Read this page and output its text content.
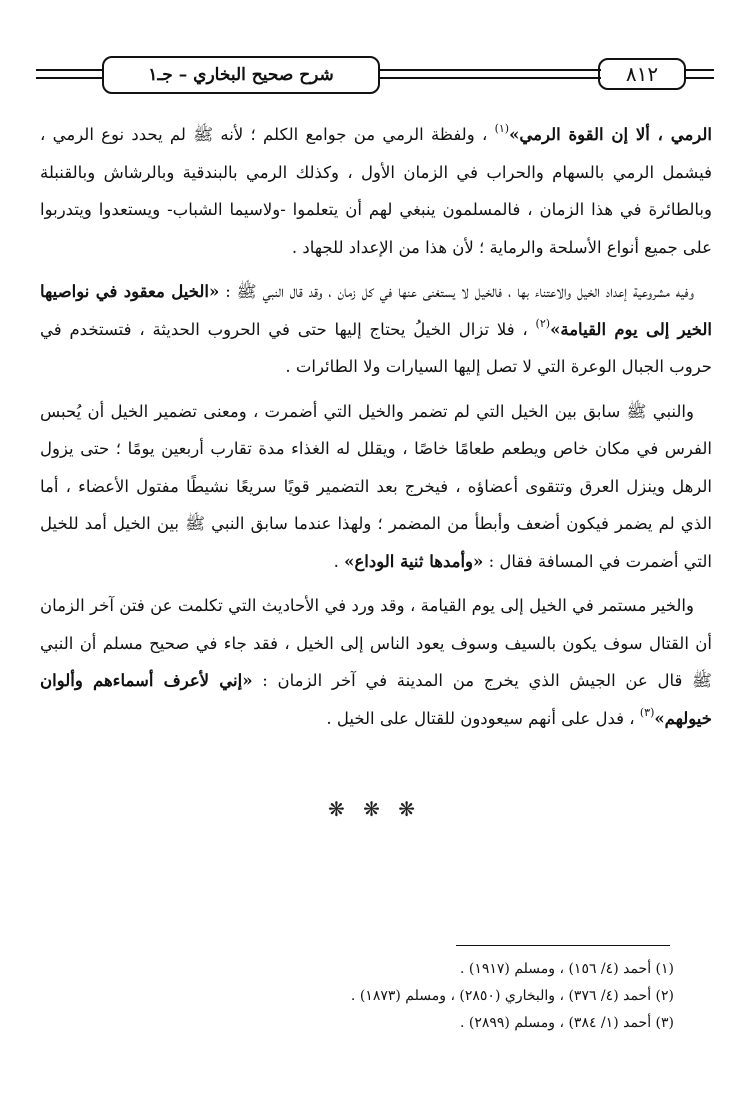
شرح صحيح البخاري – جـ١	٨١٢

الرمي ، ألا إن القوة الرمي»$^{(١)}$ ، ولفظة الرمي من جوامع الكلم ؛ لأنه ﷺ لم يحدد نوع الرمي ، فيشمل الرمي بالسهام والحراب في الزمان الأول ، وكذلك الرمي بالبندقية وبالرشاش وبالقنبلة وبالطائرة في هذا الزمان ، فالمسلمون ينبغي لهم أن يتعلموا -ولاسيما الشباب- ويستعدوا ويتدربوا على جميع أنواع الأسلحة والرماية ؛ لأن هذا من الإعداد للجهاد .

وفيه مشروعية إعداد الخيل والاعتناء بها ، فالخيل لا يستغنى عنها في كل زمان ، وقد قال النبي ﷺ : «الخيل معقود في نواصيها الخير إلى يوم القيامة»$^{(٢)}$ ، فلا تزال الخيلُ يحتاج إليها حتى في الحروب الحديثة ، فتستخدم في حروب الجبال الوعرة التي لا تصل إليها السيارات ولا الطائرات .

والنبي ﷺ سابق بين الخيل التي لم تضمر والخيل التي أضمرت ، ومعنى تضمير الخيل أن يُحبس الفرس في مكان خاص ويطعم طعامًا خاصًا ، ويقلل له الغذاء مدة تقارب أربعين يومًا ؛ حتى يزول الرهل وينزل العرق وتتقوى أعضاؤه ، فيخرج بعد التضمير قويًا سريعًا نشيطًا مفتول الأعضاء ، أما الذي لم يضمر فيكون أضعف وأبطأ من المضمر ؛ ولهذا عندما سابق النبي ﷺ بين الخيل أمد للخيل التي أضمرت في المسافة فقال : «وأمدها ثنية الوداع» .

والخير مستمر في الخيل إلى يوم القيامة ، وقد ورد في الأحاديث التي تكلمت عن فتن آخر الزمان أن القتال سوف يكون بالسيف وسوف يعود الناس إلى الخيل ، فقد جاء في صحيح مسلم أن النبي ﷺ قال عن الجيش الذي يخرج من المدينة في آخر الزمان : «إني لأعرف أسماءهم وألوان خيولهم»$^{(٣)}$ ، فدل على أنهم سيعودون للقتال على الخيل .

❋ ❋ ❋

(١) أحمد (٤/ ١٥٦) ، ومسلم (١٩١٧) .

(٢) أحمد (٤/ ٣٧٦) ، والبخاري (٢٨٥٠) ، ومسلم (١٨٧٣) .

(٣) أحمد (١/ ٣٨٤) ، ومسلم (٢٨٩٩) .
